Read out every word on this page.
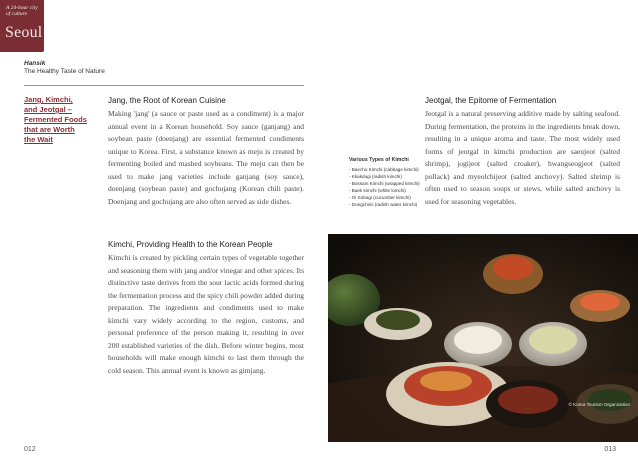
A 24-hour city of culture
Seoul
Hansik
The Healthy Taste of Nature
Jang, Kimchi, and Jeotgal – Fermented Foods that are Worth the Wait
Jang, the Root of Korean Cuisine

Making 'jang' (a sauce or paste used as a condiment) is a major annual event in a Korean household. Soy sauce (ganjang) and soybean paste (doenjang) are essential fermented condiments unique to Korea. First, a substance known as meju is created by fermenting boiled and mashed soybeans. The meju can then be used to make jang varieties include ganjang (soy sauce), doenjang (soybean paste) and gochujang (Korean chili paste). Doenjang and gochujang are also often served as side dishes.

Kimchi, Providing Health to the Korean People

Kimchi is created by pickling certain types of vegetable together and seasoning them with jang and/or vinegar and other spices. Its distinctive taste derives from the sour lactic acids formed during the fermentation process and the spicy chili powder added during preparation. The ingredients and condiments used to make kimchi vary widely according to the region, customs, and personal preference of the person making it, resulting in over 200 established varieties of the dish. Before winter begins, most households will make enough kimchi to last them through the cold season. This annual event is known as gimjang.

012
Various Types of Kimchi
- Baechu Kimchi (cabbage kimchi)
- Kkakdugi (radish kimchi)
- Bossam Kimchi (wrapped kimchi)
- Baek kimchi (white kimchi)
- Oi Sobagi (cucumber kimchi)
- Dongchimi (radish water kimchi)
Jeotgal, the Epitome of Fermentation

Jeotgal is a natural preserving additive made by salting seafood. During fermentation, the proteins in the ingredients break down, resulting in a unique aroma and taste. The most widely used forms of jeotgal in kimchi production are saeujeot (salted shrimp), jogijeot (salted croaker), hwangseogjeot (salted pollack) and myeolchijeot (salted anchovy). Salted shrimp is often used to season soups or stews, while salted anchovy is used for seasoning vegetables.

© Korea Tourism Organization
013
